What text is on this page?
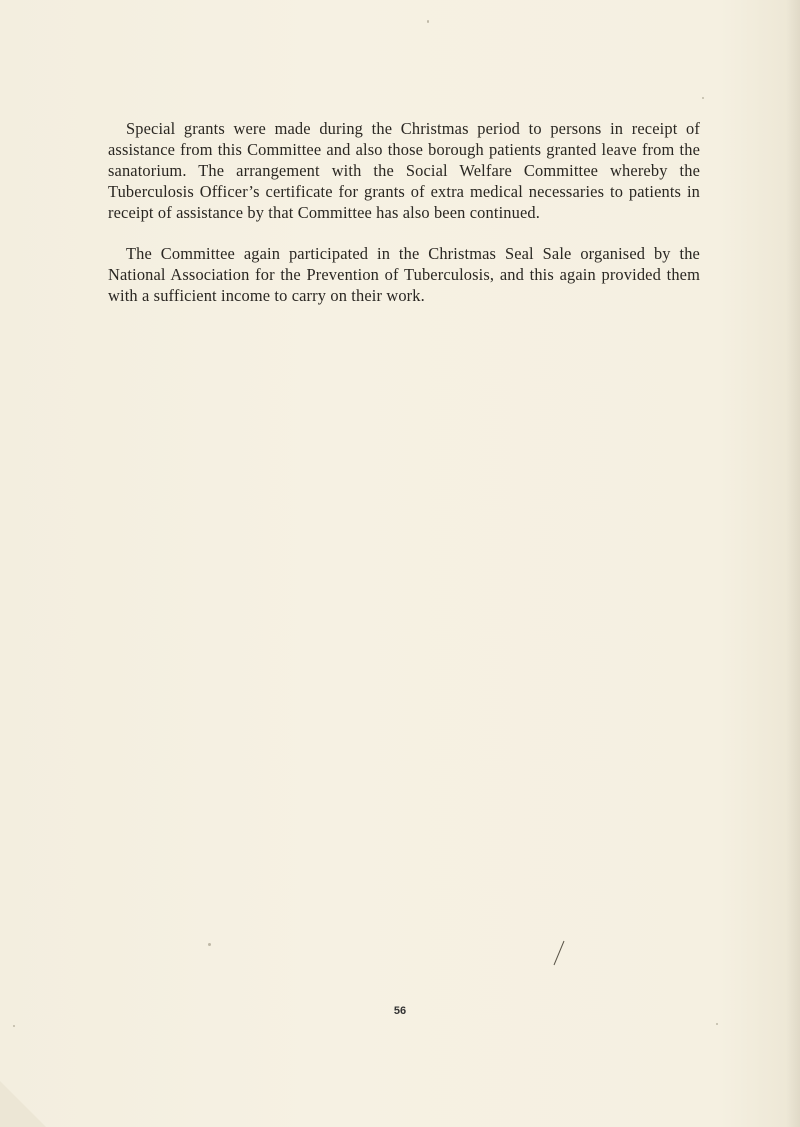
Special grants were made during the Christmas period to persons in receipt of assistance from this Committee and also those borough patients granted leave from the sanatorium. The arrangement with the Social Welfare Committee whereby the Tuberculosis Officer’s certificate for grants of extra medical necessaries to patients in receipt of assistance by that Committee has also been continued.

The Committee again participated in the Christmas Seal Sale organised by the National Association for the Prevention of Tuberculosis, and this again provided them with a sufficient income to carry on their work.

56
